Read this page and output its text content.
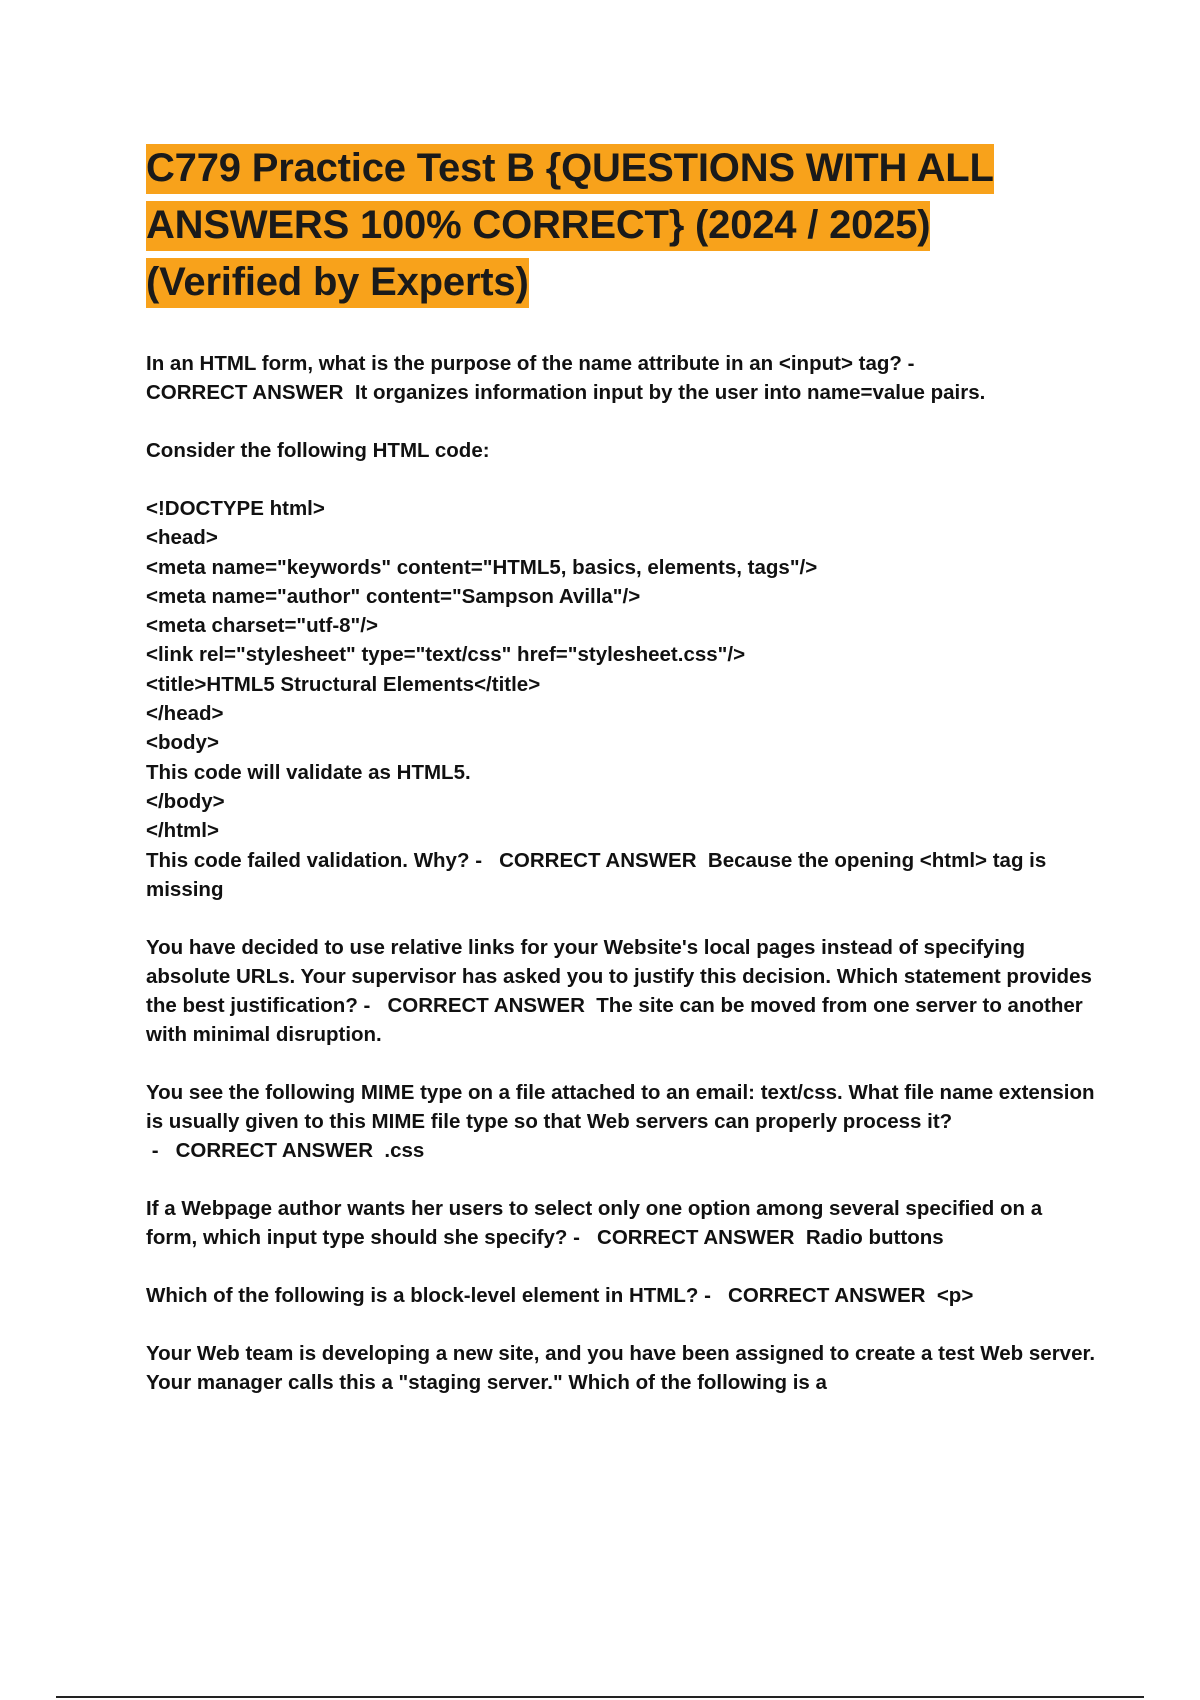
C779 Practice Test B {QUESTIONS WITH ALL ANSWERS 100% CORRECT} (2024 / 2025) (Verified by Experts)
In an HTML form, what is the purpose of the name attribute in an <input> tag? -
CORRECT ANSWER It organizes information input by the user into name=value pairs.
Consider the following HTML code:
<!DOCTYPE html>
<head>
<meta name="keywords" content="HTML5, basics, elements, tags"/>
<meta name="author" content="Sampson Avilla"/>
<meta charset="utf-8"/>
<link rel="stylesheet" type="text/css" href="stylesheet.css"/>
<title>HTML5 Structural Elements</title>
</head>
<body>
This code will validate as HTML5.
</body>
</html>
This code failed validation. Why? -   CORRECT ANSWER Because the opening <html> tag is missing
You have decided to use relative links for your Website's local pages instead of specifying absolute URLs. Your supervisor has asked you to justify this decision. Which statement provides the best justification? -   CORRECT ANSWER The site can be moved from one server to another with minimal disruption.
You see the following MIME type on a file attached to an email: text/css. What file name extension is usually given to this MIME file type so that Web servers can properly process it? -   CORRECT ANSWER .css
If a Webpage author wants her users to select only one option among several specified on a form, which input type should she specify? -   CORRECT ANSWER Radio buttons
Which of the following is a block-level element in HTML? -   CORRECT ANSWER <p>
Your Web team is developing a new site, and you have been assigned to create a test Web server. Your manager calls this a "staging server." Which of the following is a
